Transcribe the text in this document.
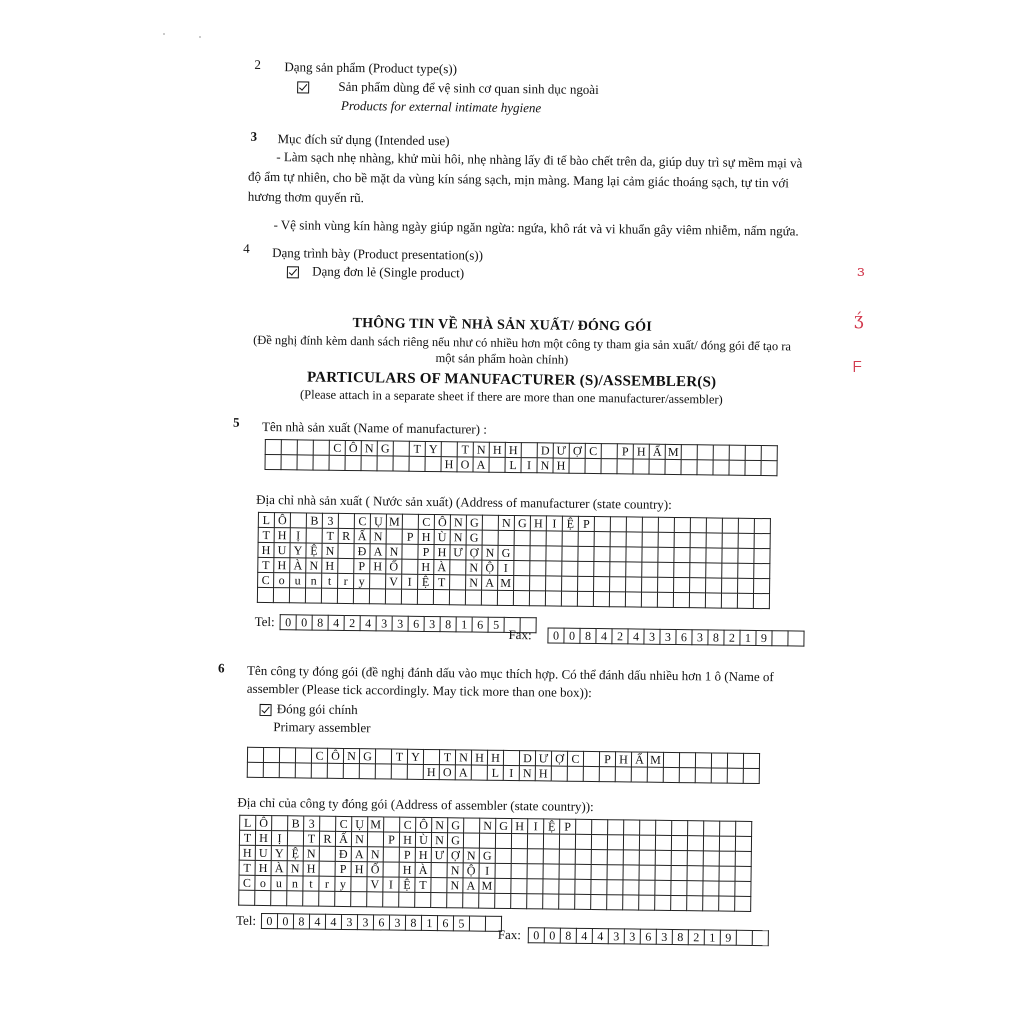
2 Dạng sản phẩm (Product type(s))
Sản phẩm dùng để vệ sinh cơ quan sinh dục ngoài
Products for external intimate hygiene
3 Mục đích sử dụng (Intended use)
- Làm sạch nhẹ nhàng, khử mùi hôi, nhẹ nhàng lấy đi tế bào chết trên da, giúp duy trì sự mềm mại và
độ ẩm tự nhiên, cho bề mặt da vùng kín sáng sạch, mịn màng. Mang lại cảm giác thoáng sạch, tự tin với
hương thơm quyến rũ.
- Vệ sinh vùng kín hàng ngày giúp ngăn ngừa: ngứa, khô rát và vi khuẩn gây viêm nhiễm, nấm ngứa.
4 Dạng trình bày (Product presentation(s))
Dạng đơn lẻ (Single product)
THÔNG TIN VỀ NHÀ SẢN XUẤT/ ĐÓNG GÓI
(Đề nghị đính kèm danh sách riêng nếu như có nhiều hơn một công ty tham gia sản xuất/ đóng gói để tạo ra
một sản phẩm hoàn chỉnh)
PARTICULARS OF MANUFACTURER (S)/ASSEMBLER(S)
(Please attach in a separate sheet if there are more than one manufacturer/assembler)
5 Tên nhà sản xuất (Name of manufacturer) :
				C	Ô	N	G		T	Y		T	N	H	H		D	Ư	Ợ	C		P	H	Ẩ	M						
											H	O	A		L	I	N	H													
Địa chỉ nhà sản xuất ( Nước sản xuất) (Address of manufacturer (state country):
L	Ô		B	3		C	Ụ	M		C	Ô	N	G		N	G	H	I	Ệ	P											
T	H	Ị		T	R	Ấ	N		P	H	Ù	N	G																		
H	U	Y	Ệ	N		Đ	A	N		P	H	Ư	Ợ	N	G																
T	H	À	N	H		P	H	Ố		H	À		N	Ộ	I																
C	o	u	n	t	r	y		V	I	Ệ	T		N	A	M																

Tel: 0	0	8	4	2	4	3	3	6	3	8	1	6	5		
Fax: 0	0	8	4	2	4	3	3	6	3	8	2	1	9		
6 Tên công ty đóng gói (đề nghị đánh dấu vào mục thích hợp. Có thể đánh dấu nhiều hơn 1 ô (Name of
assembler (Please tick accordingly. May tick more than one box)):
Đóng gói chính
Primary assembler
				C	Ô	N	G		T	Y		T	N	H	H		D	Ư	Ợ	C		P	H	Ẩ	M						
											H	O	A		L	I	N	H													
Địa chỉ của công ty đóng gói (Address of assembler (state country)):
L	Ô		B	3		C	Ụ	M		C	Ô	N	G		N	G	H	I	Ệ	P											
T	H	Ị		T	R	Ấ	N		P	H	Ù	N	G																		
H	U	Y	Ệ	N		Đ	A	N		P	H	Ư	Ợ	N	G																
T	H	À	N	H		P	H	Ố		H	À		N	Ộ	I																
C	o	u	n	t	r	y		V	I	Ệ	T		N	A	M																

Tel: 0	0	8	4	4	3	3	6	3	8	1	6	5		
Fax: 0	0	8	4	4	3	3	6	3	8	2	1	9		
ɜ
ʒ́
ᖴ
